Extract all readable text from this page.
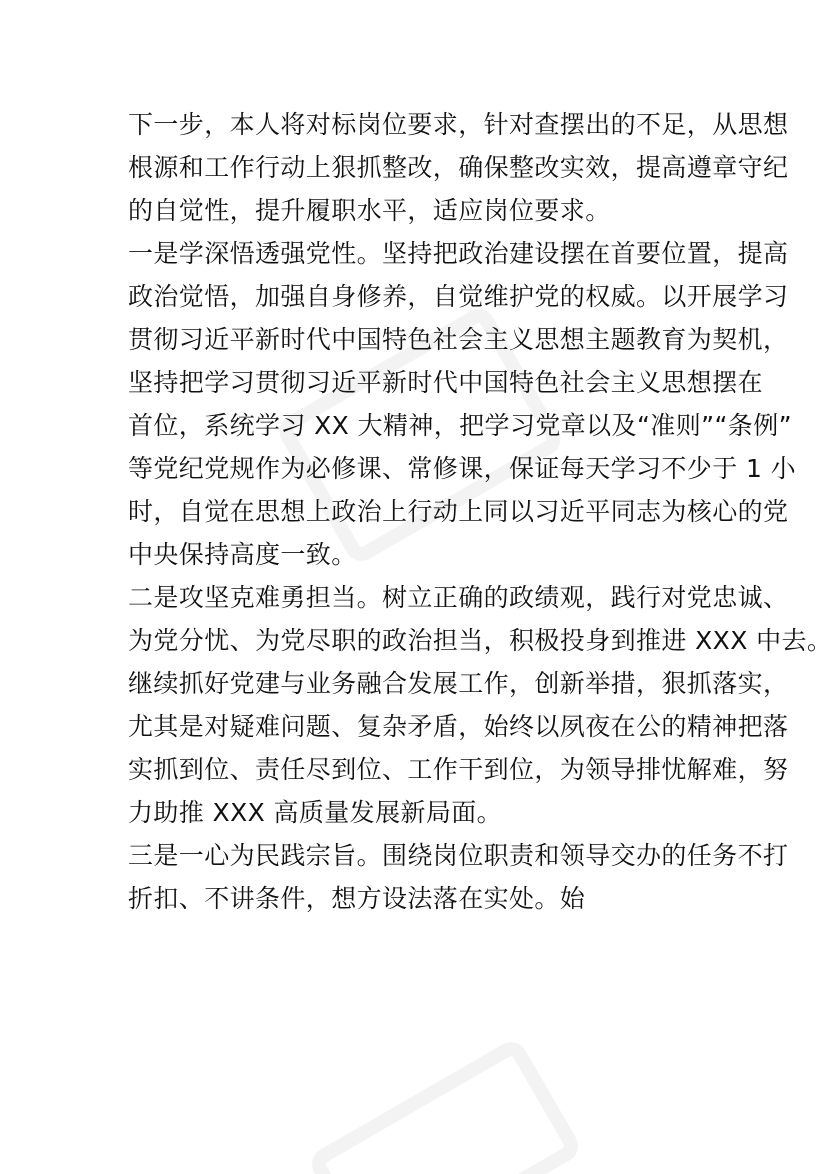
下一步，本人将对标岗位要求，针对查摆出的不足，从思想
根源和工作行动上狠抓整改，确保整改实效，提高遵章守纪
的自觉性，提升履职水平，适应岗位要求。
一是学深悟透强党性。坚持把政治建设摆在首要位置，提高
政治觉悟，加强自身修养，自觉维护党的权威。以开展学习
贯彻习近平新时代中国特色社会主义思想主题教育为契机，
坚持把学习贯彻习近平新时代中国特色社会主义思想摆在
首位，系统学习 XX 大精神，把学习党章以及“准则”“条例”
等党纪党规作为必修课、常修课，保证每天学习不少于 1 小
时，自觉在思想上政治上行动上同以习近平同志为核心的党
中央保持高度一致。
二是攻坚克难勇担当。树立正确的政绩观，践行对党忠诚、
为党分忧、为党尽职的政治担当，积极投身到推进 XXX 中去。
继续抓好党建与业务融合发展工作，创新举措，狠抓落实，
尤其是对疑难问题、复杂矛盾，始终以夙夜在公的精神把落
实抓到位、责任尽到位、工作干到位，为领导排忧解难，努
力助推 XXX 高质量发展新局面。
三是一心为民践宗旨。围绕岗位职责和领导交办的任务不打
折扣、不讲条件，想方设法落在实处。始
